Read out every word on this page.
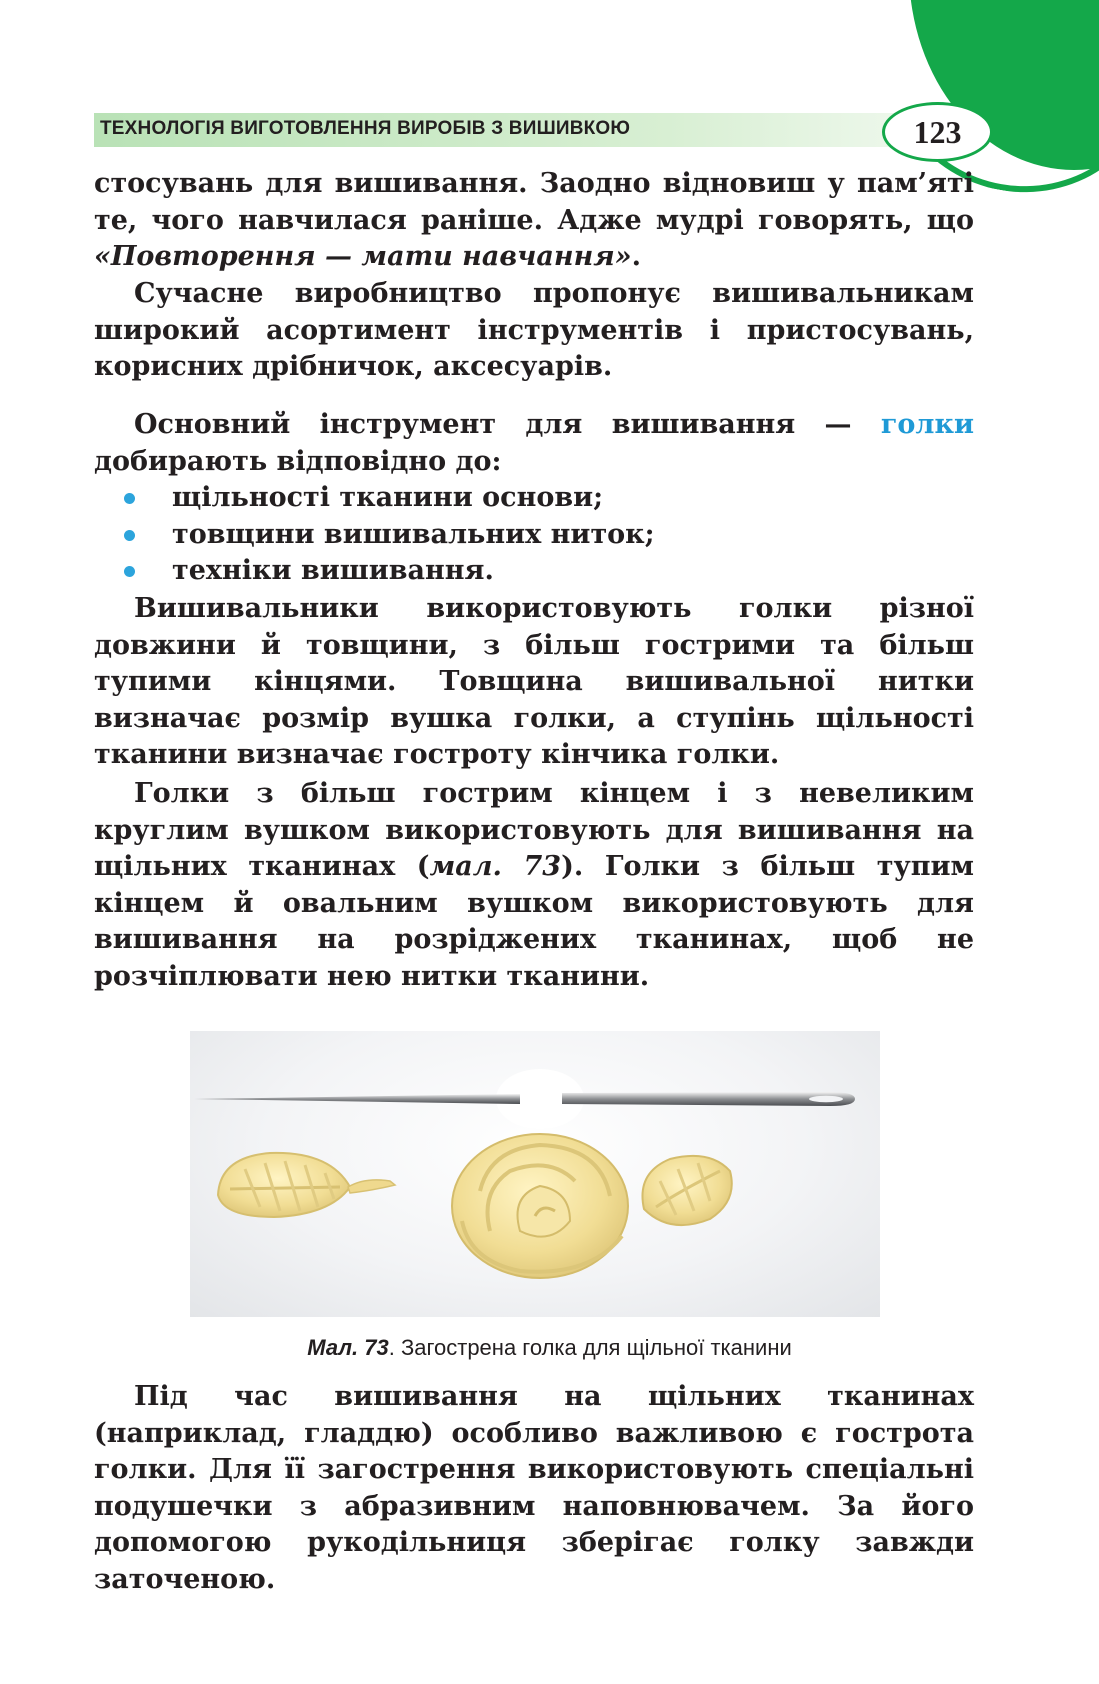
ТЕХНОЛОГІЯ ВИГОТОВЛЕННЯ ВИРОБІВ З ВИШИВКОЮ	123

стосувань для вишивання. Заодно відновиш у пам’яті те, чого навчилася раніше. Адже мудрі говорять, що «Повторення — мати навчання».

Сучасне виробництво пропонує вишивальникам широкий асортимент інструментів і пристосувань, корисних дрібничок, аксесуарів.

Основний інструмент для вишивання — голки добирають відповідно до:

щільності тканини основи;
товщини вишивальних ниток;
техніки вишивання.

Вишивальники використовують голки різної довжини й товщини, з більш гострими та більш тупими кінцями. Товщина вишивальної нитки визначає розмір вушка голки, а ступінь щільності тканини визначає гостроту кінчика голки.

Голки з більш гострим кінцем і з невеликим круглим вушком використовують для вишивання на щільних тканинах (мал. 73). Голки з більш тупим кінцем й овальним вушком використовують для вишивання на розріджених тканинах, щоб не розчіплювати нею нитки тканини.

Мал. 73. Загострена голка для щільної тканини

Під час вишивання на щільних тканинах (наприклад, гладдю) особливо важливою є гострота голки. Для її загострення використовують спеціальні подушечки з абразивним наповнювачем. За його допомогою рукодільниця зберігає голку завжди заточеною.
